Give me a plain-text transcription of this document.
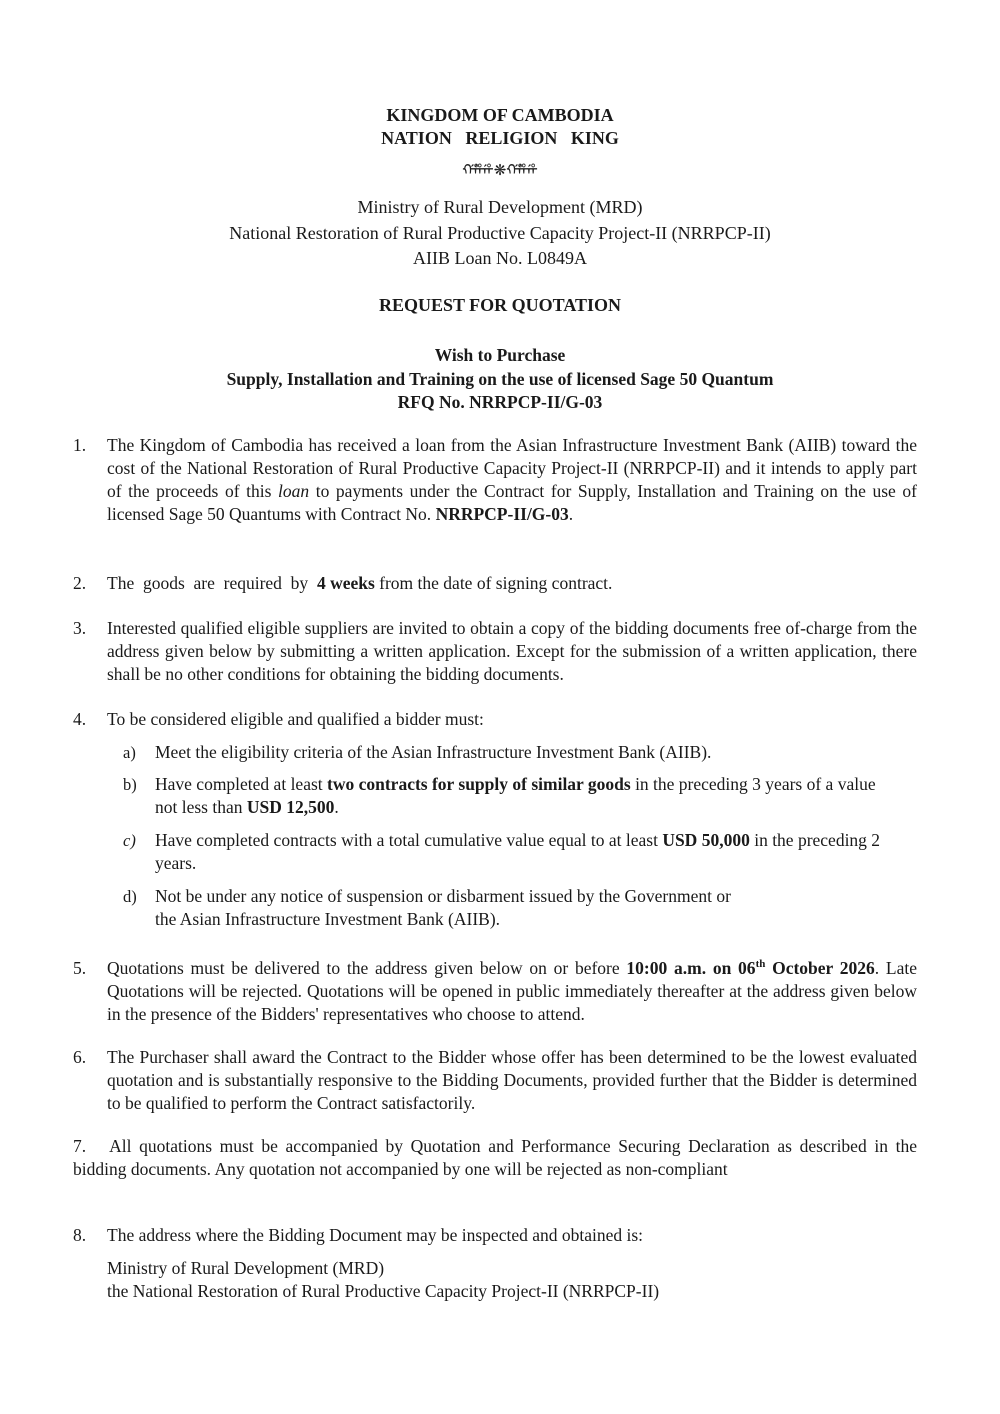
KINGDOM OF CAMBODIA
NATION   RELIGION   KING
ᢚᢚᢚ❋ᢚᢚᢚ
Ministry of Rural Development (MRD)
National Restoration of Rural Productive Capacity Project-II (NRRPCP-II)
AIIB Loan No. L0849A
REQUEST FOR QUOTATION
Wish to Purchase
Supply, Installation and Training on the use of licensed Sage 50 Quantum
RFQ No. NRRPCP-II/G-03
1. The Kingdom of Cambodia has received a loan from the Asian Infrastructure Investment Bank (AIIB) toward the cost of the National Restoration of Rural Productive Capacity Project-II (NRRPCP-II) and it intends to apply part of the proceeds of this loan to payments under the Contract for Supply, Installation and Training on the use of licensed Sage 50 Quantums with Contract No. NRRPCP-II/G-03.
2. The  goods  are  required  by  4 weeks from the date of signing contract.
3. Interested qualified eligible suppliers are invited to obtain a copy of the bidding documents free of-charge from the address given below by submitting a written application. Except for the submission of a written application, there shall be no other conditions for obtaining the bidding documents.
4. To be considered eligible and qualified a bidder must:
a) Meet the eligibility criteria of the Asian Infrastructure Investment Bank (AIIB).
b) Have completed at least two contracts for supply of similar goods in the preceding 3 years of a value not less than USD 12,500.
c) Have completed contracts with a total cumulative value equal to at least USD 50,000 in the preceding 2 years.
d) Not be under any notice of suspension or disbarment issued by the Government or
the Asian Infrastructure Investment Bank (AIIB).
5. Quotations must be delivered to the address given below on or before 10:00 a.m. on 06th October 2026. Late Quotations will be rejected. Quotations will be opened in public immediately thereafter at the address given below in the presence of the Bidders' representatives who choose to attend.
6. The Purchaser shall award the Contract to the Bidder whose offer has been determined to be the lowest evaluated quotation and is substantially responsive to the Bidding Documents, provided further that the Bidder is determined to be qualified to perform the Contract satisfactorily.
7. All quotations must be accompanied by Quotation and Performance Securing Declaration as described in the bidding documents. Any quotation not accompanied by one will be rejected as non-compliant
8. The address where the Bidding Document may be inspected and obtained is:
Ministry of Rural Development (MRD)
the National Restoration of Rural Productive Capacity Project-II (NRRPCP-II)
